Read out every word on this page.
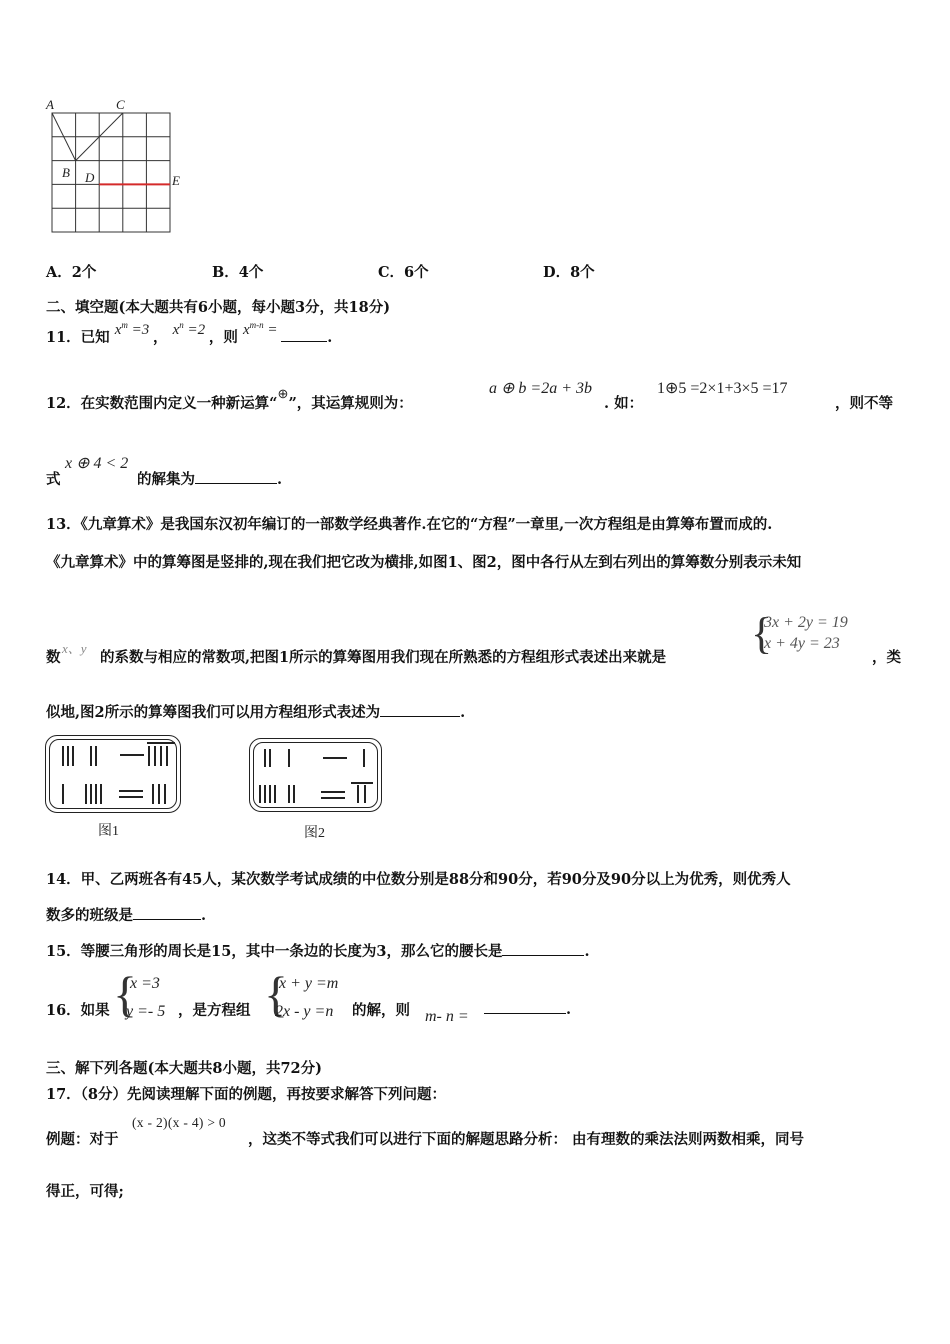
A	C
B D	E
A．2个	B．4个	C．6个	D．8个
二、填空题(本大题共有6小题，每小题3分，共18分)
11．已知 $x^m =3$ ， $x^n =2$ ，则 $x^{m-n}$ =	.
12．在实数范围内定义一种新运算“⊕”，其运算规则为：
a ⊕ b =2a + 3b
. 如：
1⊕5 =2×1+3×5 =17
，则不等
式
x ⊕ 4 < 2
的解集为	.
13．《九章算术》是我国东汉初年编订的一部数学经典著作.在它的“方程”一章里,一次方程组是由算筹布置而成的.
《九章算术》中的算筹图是竖排的,现在我们把它改为横排,如图1、图2，图中各行从左到右列出的算筹数分别表示未知
数
x、y
的系数与相应的常数项,把图1所示的算筹图用我们现在所熟悉的方程组形式表述出来就是 {
3x + 2y = 19
x + 4y = 23
，类
似地,图2所示的算筹图我们可以用方程组形式表述为	.
图1	图2
14．甲、乙两班各有45人，某次数学考试成绩的中位数分别是88分和90分，若90分及90分以上为优秀，则优秀人
数多的班级是	.
15．等腰三角形的周长是15，其中一条边的长度为3，那么它的腰长是	.
16．如果 {
x =3
y =- 5 ，是方程组 {
x + y =m
2x - y =n 的解，则 m- n =	.
三、解下列各题(本大题共8小题，共72分)
17．（8分）先阅读理解下面的例题，再按要求解答下列问题：
例题：对于
(x - 2)(x - 4) > 0
，这类不等式我们可以进行下面的解题思路分析： 由有理数的乘法法则两数相乘，同号
得正，可得;
